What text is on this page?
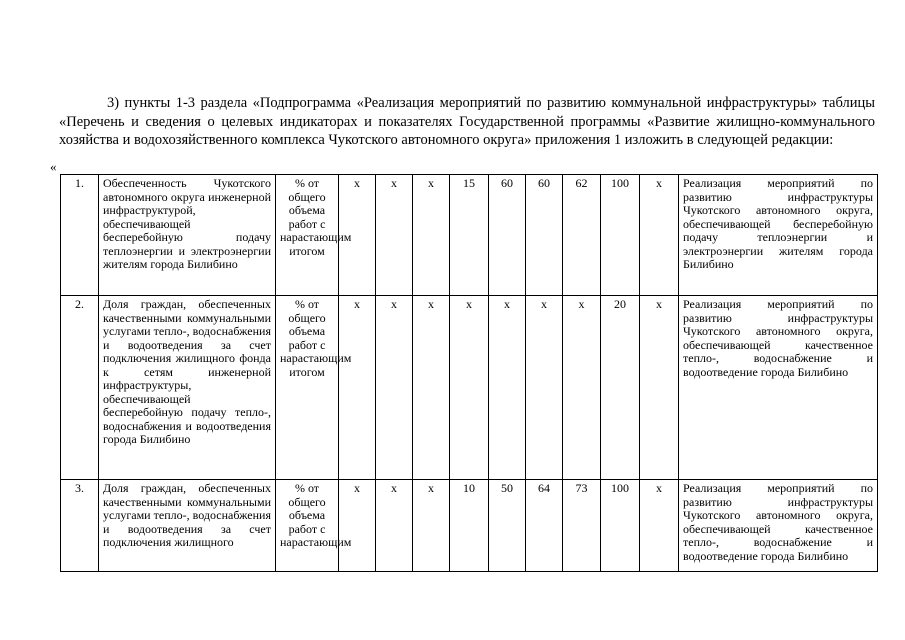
3) пункты 1-3 раздела «Подпрограмма «Реализация мероприятий по развитию коммунальной инфраструктуры» таблицы «Перечень и сведения о целевых индикаторах и показателях Государственной программы «Развитие жилищно-коммунального хозяйства и водохозяйственного комплекса Чукотского автономного округа» приложения 1 изложить в следующей редакции:

«
1.	Обеспеченность Чукотского автономного округа инженерной инфраструктурой, обеспечивающей бесперебойную подачу теплоэнергии и электроэнергии жителям города Билибино	% от общего объема работ с нарастающим итогом	х	х	х	15	60	60	62	100	х	Реализация мероприятий по развитию инфраструктуры Чукотского автономного округа, обеспечивающей бесперебойную подачу теплоэнергии и электроэнергии жителям города Билибино

2.	Доля граждан, обеспеченных качественными коммунальными услугами тепло-, водоснабжения и водоотведения за счет подключения жилищного фонда к сетям инженерной инфраструктуры, обеспечивающей бесперебойную подачу тепло-, водоснабжения и водоотведения города Билибино	% от общего объема работ с нарастающим итогом	х	х	х	х	х	х	х	20	х	Реализация мероприятий по развитию инфраструктуры Чукотского автономного округа, обеспечивающей качественное тепло-, водоснабжение и водоотведение города Билибино

3.	Доля граждан, обеспеченных качественными коммунальными услугами тепло-, водоснабжения и водоотведения за счет подключения жилищного	% от общего объема работ с нарастающим	х	х	х	10	50	64	73	100	х	Реализация мероприятий по развитию инфраструктуры Чукотского автономного округа, обеспечивающей качественное тепло-, водоснабжение и водоотведение города Билибино
